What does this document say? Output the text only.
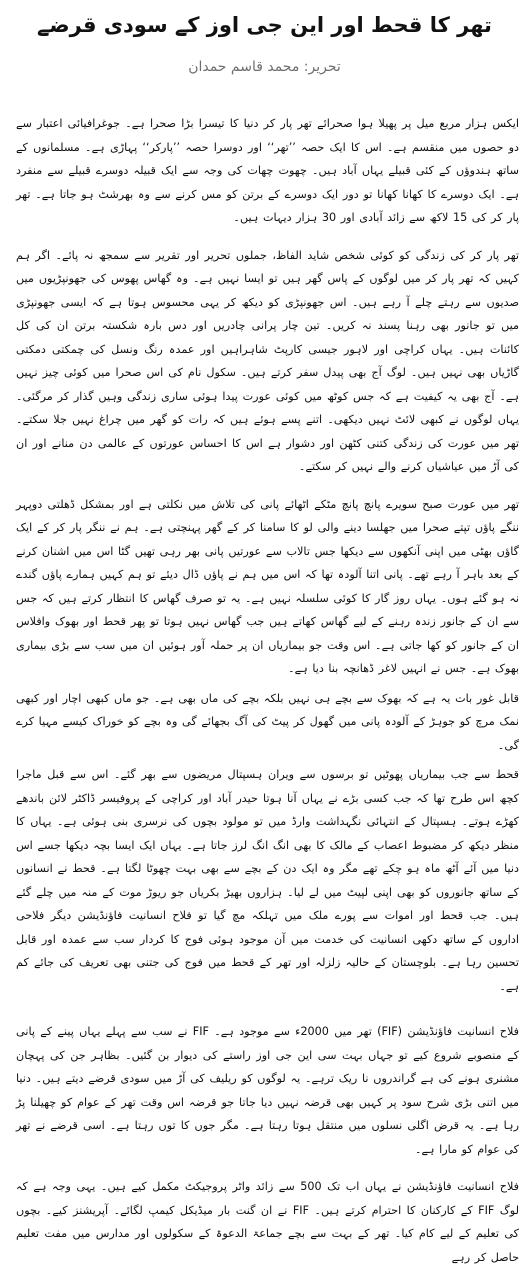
تھر کا قحط اور این جی اوز کے سودی قرضے
تحریر: محمد قاسم حمدان

ایکس ہزار مربع میل پر پھیلا ہوا صحرائے تھر پار کر دنیا کا تیسرا بڑا صحرا ہے۔ جوغرافیائی اعتبار سے دو حصوں میں منقسم ہے۔ اس کا ایک حصہ ’’تھر‘‘ اور دوسرا حصہ ’’پارکر‘‘ پہاڑی ہے۔ مسلمانوں کے ساتھ ہندوؤں کے کئی قبیلے یہاں آباد ہیں۔ چھوت چھات کی وجہ سے ایک قبیلہ دوسرے قبیلے سے منفرد ہے۔ ایک دوسرے کا کھانا کھانا تو دور ایک دوسرے کے برتن کو مس کرنے سے وہ بھرشٹ ہو جاتا ہے۔ تھر پار کر کی 15 لاکھ سے زائد آبادی اور 30 ہزار دیہات ہیں۔

تھر پار کر کی زندگی کو کوئی شخص شاید الفاظ، جملوں تحریر اور تقریر سے سمجھ نہ پائے۔ اگر ہم کہیں کہ تھر پار کر میں لوگوں کے پاس گھر ہیں تو ایسا نہیں ہے۔ وہ گھاس پھوس کی جھونپڑیوں میں صدیوں سے رہتے چلے آ رہے ہیں۔ اس جھونپڑی کو دیکھ کر یہی محسوس ہوتا ہے کہ ایسی جھونپڑی میں تو جانور بھی رہنا پسند نہ کریں۔ تین چار پرانی چادریں اور دس بارہ شکستہ برتن ان کی کل کائنات ہیں۔ یہاں کراچی اور لاہور جیسی کارپٹ شاہراہیں اور عمدہ رنگ ونسل کی چمکتی دمکتی گاڑیاں بھی نہیں ہیں۔ لوگ آج بھی پیدل سفر کرتے ہیں۔ سکول نام کی اس صحرا میں کوئی چیز نہیں ہے۔ آج بھی یہ کیفیت ہے کہ جس کوٹھ میں کوئی عورت پیدا ہوئی ساری زندگی وہیں گذار کر مرگئی۔ یہاں لوگوں نے کبھی لائٹ نہیں دیکھی۔ اتنے پسے ہوئے ہیں کہ رات کو گھر میں چراغ نہیں جلا سکتے۔ تھر میں عورت کی زندگی کتنی کٹھن اور دشوار ہے اس کا احساس عورتوں کے عالمی دن منانے اور ان کی آڑ میں عیاشیاں کرنے والے نہیں کر سکتے۔

تھر میں عورت صبح سویرے پانچ پانچ مٹکے اٹھائے پانی کی تلاش میں نکلتی ہے اور بمشکل ڈھلتی دوپہر ننگے پاؤں تپتے صحرا میں جھلسا دینے والی لو کا سامنا کر کے گھر پہنچتی ہے۔ ہم نے ننگر پار کر کے ایک گاؤں بھٹی میں اپنی آنکھوں سے دیکھا جس تالاب سے عورتیں پانی بھر رہی تھیں گٹا اس میں اشنان کرنے کے بعد باہر آ رہے تھے۔ پانی اتنا آلودہ تھا کہ اس میں ہم نے پاؤں ڈال دیئے تو ہم کہیں ہمارے پاؤں گندے نہ ہو گئے ہوں۔ یہاں روز گار کا کوئی سلسلہ نہیں ہے۔ یہ تو صرف گھاس کا انتظار کرتے ہیں کہ جس سے ان کے جانور زندہ رہنے کے لیے گھاس کھاتے ہیں جب گھاس نہیں ہوتا تو پھر قحط اور بھوک وافلاس ان کے جانور کو کھا جاتی ہے۔ اس وقت جو بیماریاں ان پر حملہ آور ہوئیں ان میں سب سے بڑی بیماری بھوک ہے۔ جس نے انہیں لاغر ڈھانچہ بنا دیا ہے۔

قابل غور بات یہ ہے کہ بھوک سے بچے ہی نہیں بلکہ بچے کی ماں بھی ہے۔ جو ماں کبھی اچار اور کبھی نمک مرچ کو جوہڑ کے آلودہ پانی میں گھول کر پیٹ کی آگ بجھائے گی وہ بچے کو خوراک کیسے مہیا کرے گی۔

قحط سے جب بیماریاں پھوٹیں تو برسوں سے ویران ہسپتال مریضوں سے بھر گئے۔ اس سے قبل ماجرا کچھ اس طرح تھا کہ جب کسی بڑے نے یہاں آنا ہوتا حیدر آباد اور کراچی کے پروفیسر ڈاکٹر لائن باندھے کھڑے ہوتے۔ ہسپتال کے انتہائی نگہداشت وارڈ میں تو مولود بچوں کی نرسری بنی ہوئی ہے۔ یہاں کا منظر دیکھ کر مضبوط اعصاب کے مالک کا بھی انگ انگ لرز جاتا ہے۔ یہاں ایک ایسا بچہ دیکھا جسے اس دنیا میں آئے آٹھ ماہ ہو چکے تھے مگر وہ ایک دن کے بچے سے بھی بہت چھوٹا لگتا ہے۔ قحط نے انسانوں کے ساتھ جانوروں کو بھی اپنی لپیٹ میں لے لیا۔ ہزاروں بھیڑ بکریاں جو ریوڑ موت کے منہ میں چلے گئے ہیں۔ جب قحط اور اموات سے پورے ملک میں تہلکہ مچ گیا تو فلاح انسانیت فاؤنڈیشن دیگر فلاحی اداروں کے ساتھ دکھی انسانیت کی خدمت میں آن موجود ہوئی فوج کا کردار سب سے عمدہ اور قابل تحسین رہا ہے۔ بلوچستان کے حالیہ زلزلہ اور تھر کے قحط میں فوج کی جتنی بھی تعریف کی جائے کم ہے۔

فلاح انسانیت فاؤنڈیشن (FIF) تھر میں 2000ء سے موجود ہے۔ FIF نے سب سے پہلے یہاں پینے کے پانی کے منصوبے شروع کیے تو جہاں بہت سی این جی اوز راستے کی دیوار بن گئیں۔ بظاہر جن کی پہچان مشنری ہونے کی ہے گراندروں نا ریک ترہے۔ یہ لوگوں کو ریلیف کی آڑ میں سودی قرضے دیتے ہیں۔ دنیا میں اتنی بڑی شرح سود پر کہیں بھی قرضہ نہیں دیا جاتا جو قرضہ اس وقت تھر کے عوام کو چھیلنا پڑ رہا ہے۔ یہ قرض اگلی نسلوں میں منتقل ہوتا رہتا ہے۔ مگر جوں کا توں رہتا ہے۔ اسی قرضے نے تھر کی عوام کو مارا ہے۔

فلاح انسانیت فاؤنڈیشن نے یہاں اب تک 500 سے زائد واٹر پروجیکٹ مکمل کیے ہیں۔ یہی وجہ ہے کہ لوگ FIF کے کارکنان کا احترام کرتے ہیں۔ FIF نے ان گنت بار میڈیکل کیمپ لگائے۔ آپریشنز کیے۔ بچوں کی تعلیم کے لیے کام کیا۔ تھر کے بہت سے بچے جماعۃ الدعوۃ کے سکولوں اور مدارس میں مفت تعلیم حاصل کر رہے
